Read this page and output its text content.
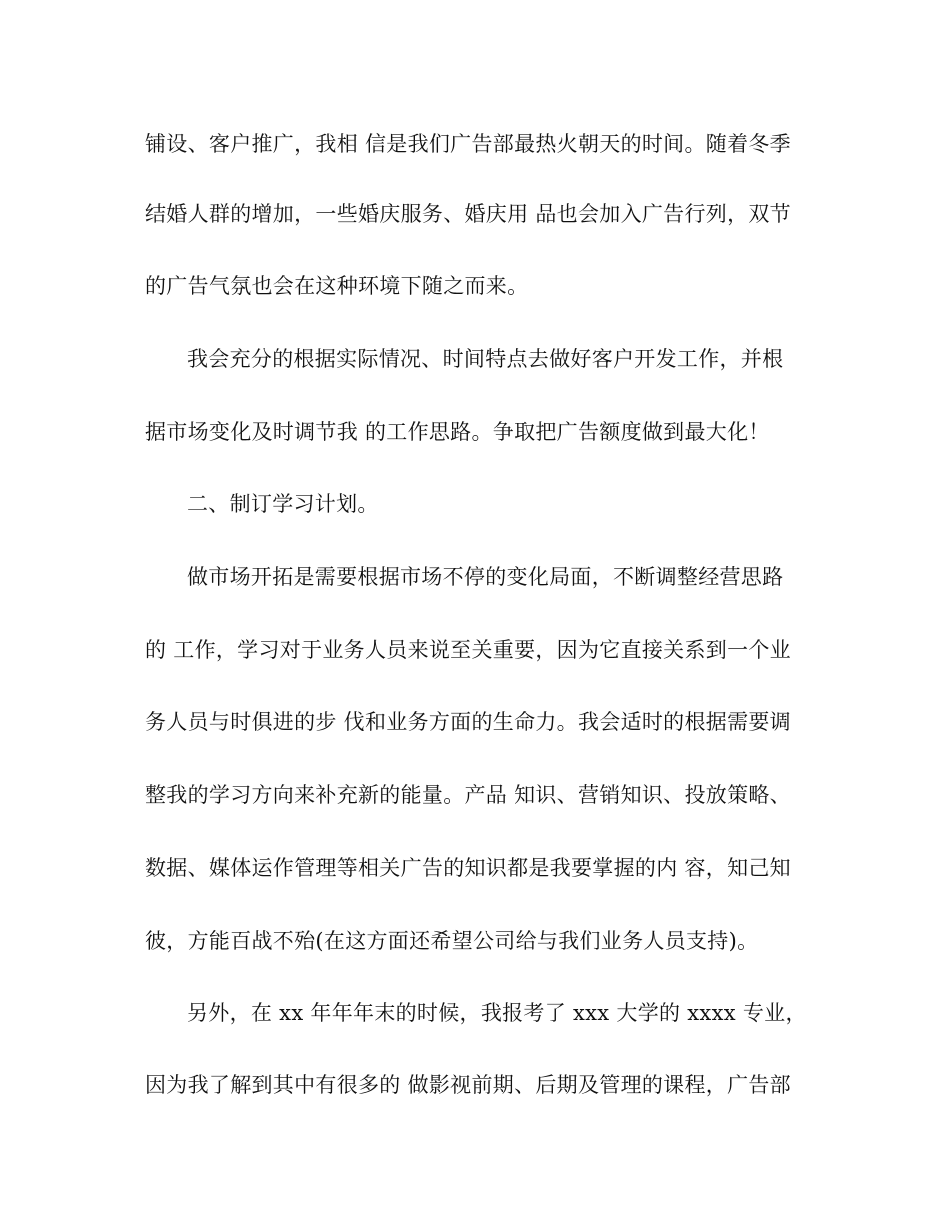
铺设、客户推广，我相 信是我们广告部最热火朝天的时间。随着冬季
结婚人群的增加，一些婚庆服务、婚庆用 品也会加入广告行列，双节
的广告气氛也会在这种环境下随之而来。
我会充分的根据实际情况、时间特点去做好客户开发工作，并根
据市场变化及时调节我 的工作思路。争取把广告额度做到最大化！
二、制订学习计划。
做市场开拓是需要根据市场不停的变化局面，不断调整经营思路
的 工作，学习对于业务人员来说至关重要，因为它直接关系到一个业
务人员与时俱进的步 伐和业务方面的生命力。我会适时的根据需要调
整我的学习方向来补充新的能量。产品 知识、营销知识、投放策略、
数据、媒体运作管理等相关广告的知识都是我要掌握的内 容，知己知
彼，方能百战不殆(在这方面还希望公司给与我们业务人员支持)。
另外，在 xx 年年年末的时候，我报考了 xxx 大学的 xxxx 专业，
因为我了解到其中有很多的 做影视前期、后期及管理的课程，广告部
